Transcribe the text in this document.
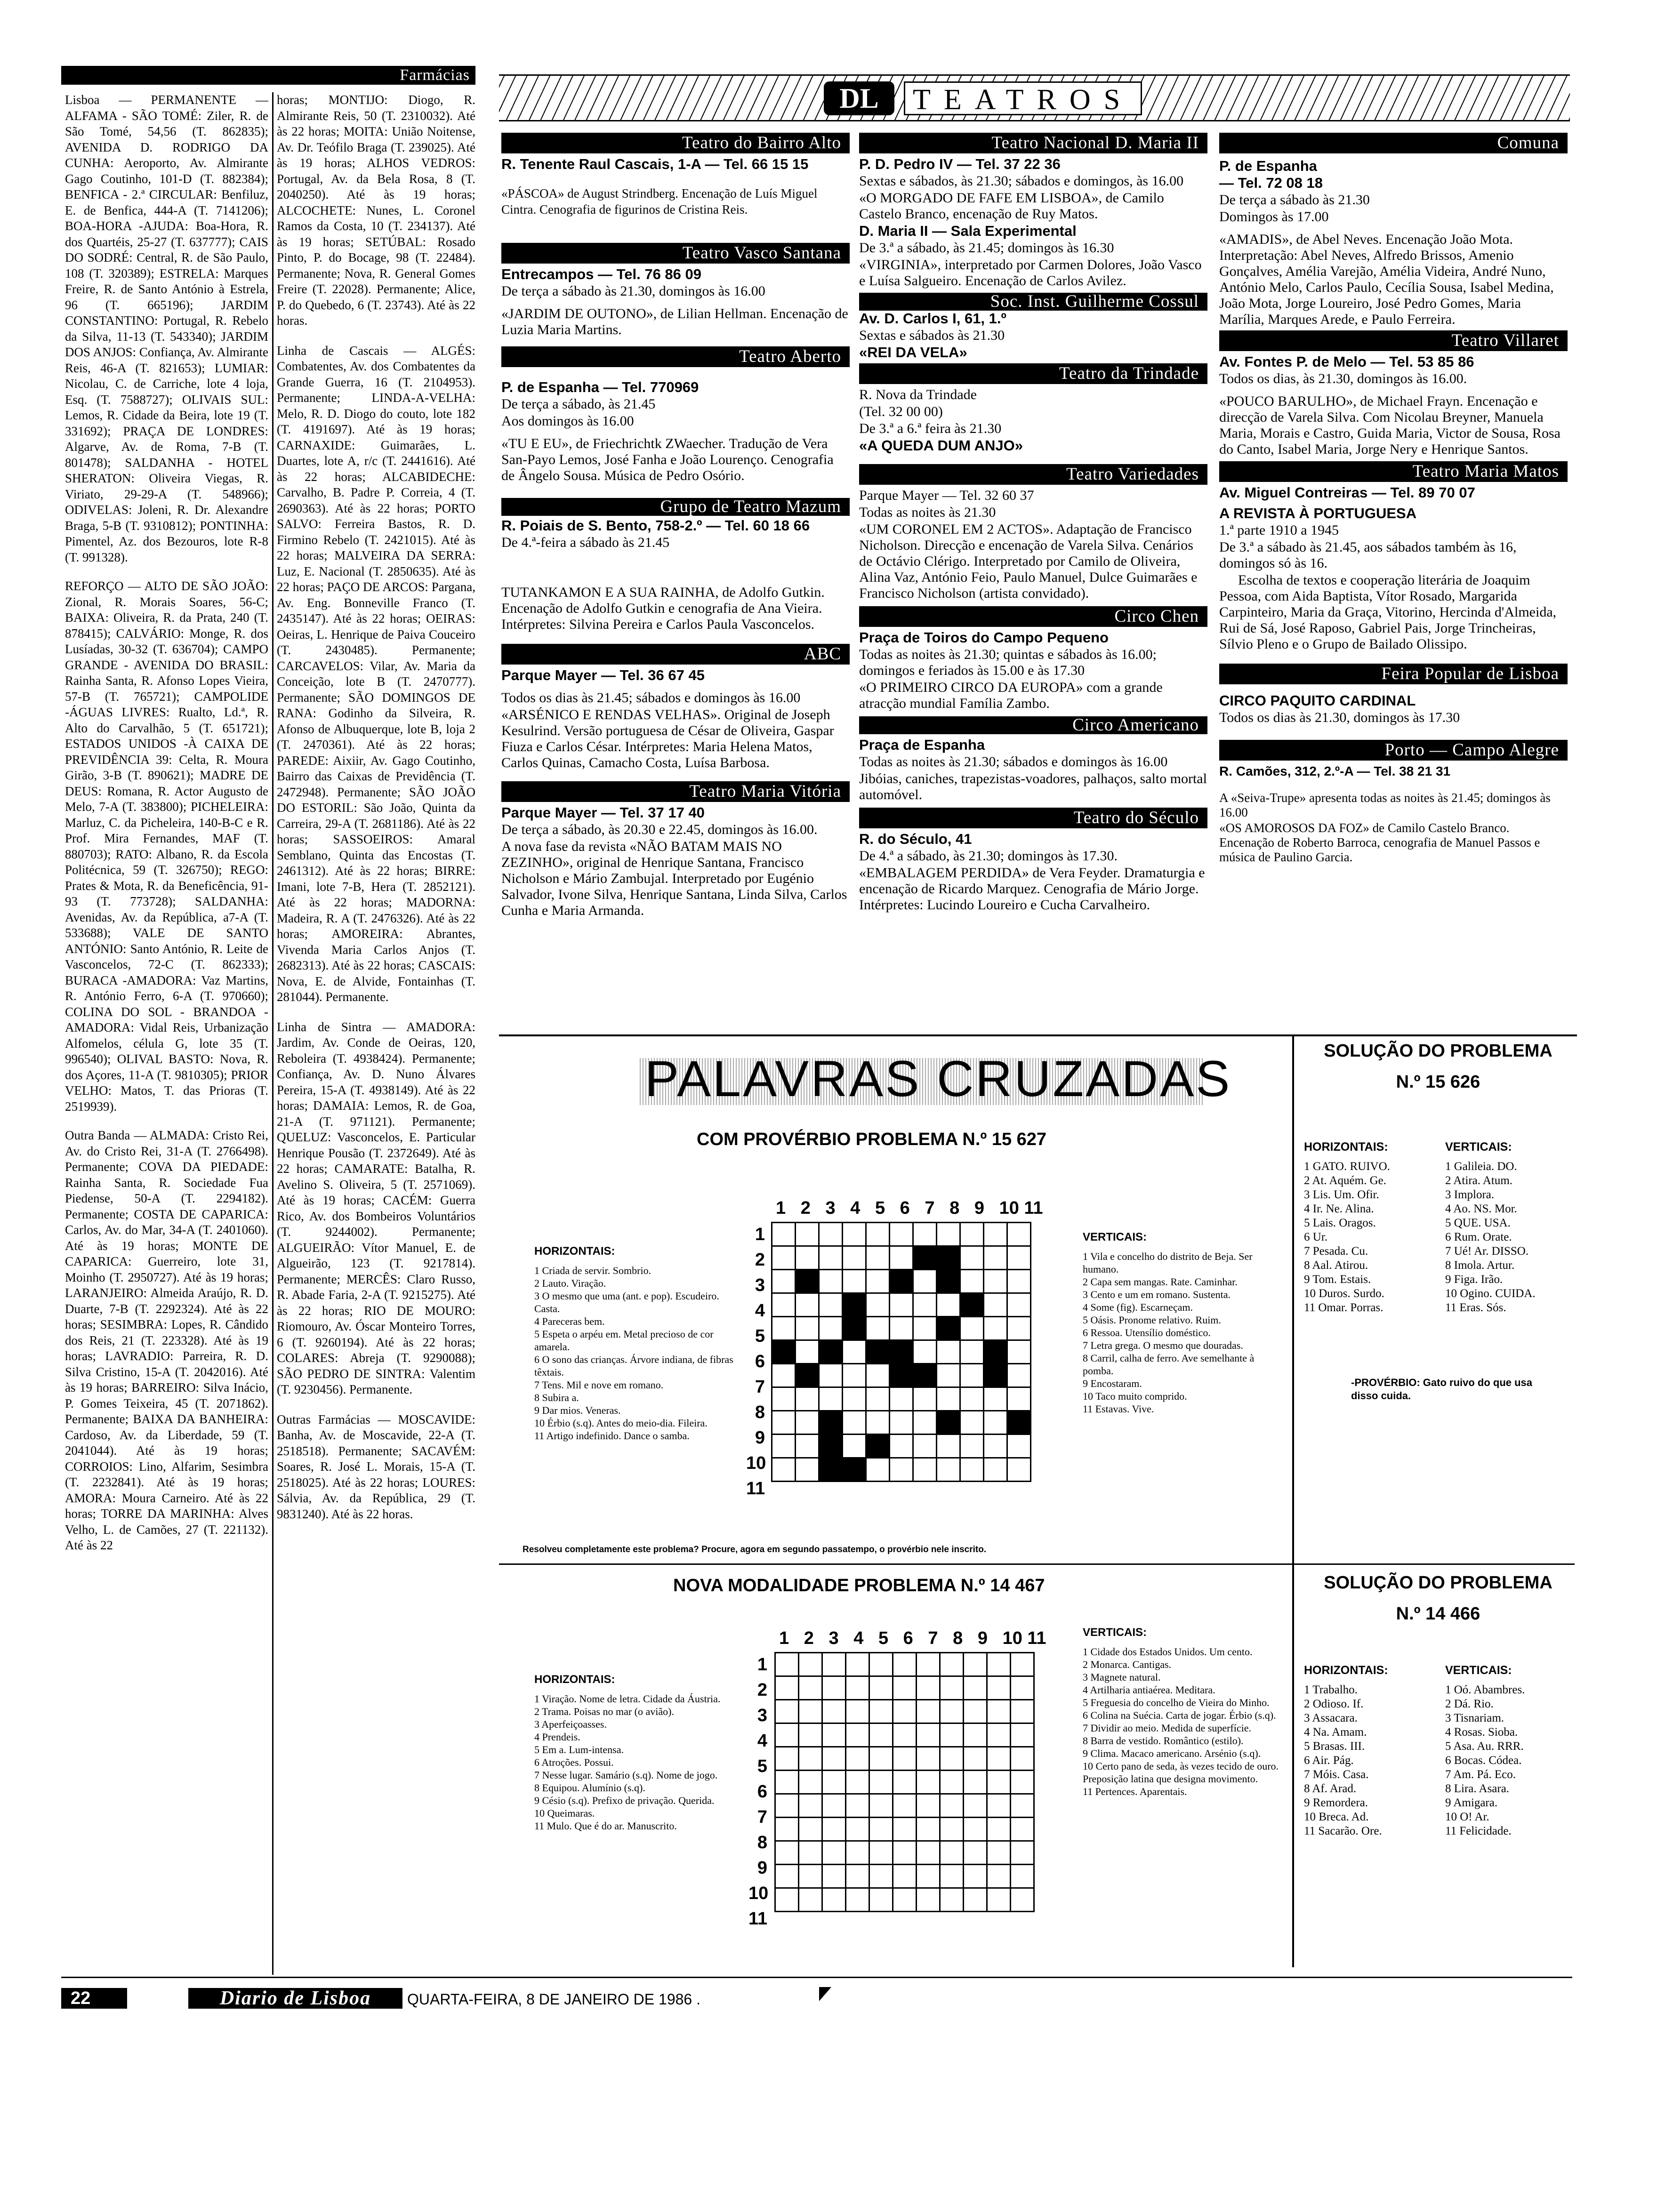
Farmácias

Lisboa — PERMANENTE — ALFAMA - SÃO TOMÉ: Ziler, R. de São Tomé, 54,56 (T. 862835); AVENIDA D. RODRIGO DA CUNHA: Aeroporto, Av. Almirante Gago Coutinho, 101-D (T. 882384); BENFICA - 2.ª CIRCULAR: Benfiluz, E. de Benfica, 444-A (T. 7141206); BOA-HORA -AJUDA: Boa-Hora, R. dos Quartéis, 25-27 (T. 637777); CAIS DO SODRÉ: Central, R. de São Paulo, 108 (T. 320389); ESTRELA: Marques Freire, R. de Santo António à Estrela, 96 (T. 665196); JARDIM CONSTANTINO: Portugal, R. Rebelo da Silva, 11-13 (T. 543340); JARDIM DOS ANJOS: Confiança, Av. Almirante Reis, 46-A (T. 821653); LUMIAR: Nicolau, C. de Carriche, lote 4 loja, Esq. (T. 7588727); OLIVAIS SUL: Lemos, R. Cidade da Beira, lote 19 (T. 331692); PRAÇA DE LONDRES: Algarve, Av. de Roma, 7-B (T. 801478); SALDANHA - HOTEL SHERATON: Oliveira Viegas, R. Viriato, 29-29-A (T. 548966); ODIVELAS: Joleni, R. Dr. Alexandre Braga, 5-B (T. 9310812); PONTINHA: Pimentel, Az. dos Bezouros, lote R-8 (T. 991328).

REFORÇO — ALTO DE SÃO JOÃO: Zional, R. Morais Soares, 56-C; BAIXA: Oliveira, R. da Prata, 240 (T. 878415); CALVÁRIO: Monge, R. dos Lusíadas, 30-32 (T. 636704); CAMPO GRANDE - AVENIDA DO BRASIL: Rainha Santa, R. Afonso Lopes Vieira, 57-B (T. 765721); CAMPOLIDE -ÁGUAS LIVRES: Rualto, Ld.ª, R. Alto do Carvalhão, 5 (T. 651721); ESTADOS UNIDOS -À CAIXA DE PREVIDÊNCIA 39: Celta, R. Moura Girão, 3-B (T. 890621); MADRE DE DEUS: Romana, R. Actor Augusto de Melo, 7-A (T. 383800); PICHELEIRA: Marluz, C. da Picheleira, 140-B-C e R. Prof. Mira Fernandes, MAF (T. 880703); RATO: Albano, R. da Escola Politécnica, 59 (T. 326750); REGO: Prates & Mota, R. da Beneficência, 91-93 (T. 773728); SALDANHA: Avenidas, Av. da República, a7-A (T. 533688); VALE DE SANTO ANTÓNIO: Santo António, R. Leite de Vasconcelos, 72-C (T. 862333); BURACA -AMADORA: Vaz Martins, R. António Ferro, 6-A (T. 970660); COLINA DO SOL - BRANDOA - AMADORA: Vidal Reis, Urbanização Alfomelos, célula G, lote 35 (T. 996540); OLIVAL BASTO: Nova, R. dos Açores, 11-A (T. 9810305); PRIOR VELHO: Matos, T. das Prioras (T. 2519939).

Outra Banda — ALMADA: Cristo Rei, Av. do Cristo Rei, 31-A (T. 2766498). Permanente; COVA DA PIEDADE: Rainha Santa, R. Sociedade Fua Piedense, 50-A (T. 2294182). Permanente; COSTA DE CAPARICA: Carlos, Av. do Mar, 34-A (T. 2401060). Até às 19 horas; MONTE DE CAPARICA: Guerreiro, lote 31, Moinho (T. 2950727). Até às 19 horas; LARANJEIRO: Almeida Araújo, R. D. Duarte, 7-B (T. 2292324). Até às 22 horas; SESIMBRA: Lopes, R. Cândido dos Reis, 21 (T. 223328). Até às 19 horas; LAVRADIO: Parreira, R. D. Silva Cristino, 15-A (T. 2042016). Até às 19 horas; BARREIRO: Silva Inácio, P. Gomes Teixeira, 45 (T. 2071862). Permanente; BAIXA DA BANHEIRA: Cardoso, Av. da Liberdade, 59 (T. 2041044). Até às 19 horas; CORROIOS: Lino, Alfarim, Sesimbra (T. 2232841). Até às 19 horas; AMORA: Moura Carneiro. Até às 22 horas; TORRE DA MARINHA: Alves Velho, L. de Camões, 27 (T. 221132). Até às 22

horas; MONTIJO: Diogo, R. Almirante Reis, 50 (T. 2310032). Até às 22 horas; MOITA: União Noitense, Av. Dr. Teófilo Braga (T. 239025). Até às 19 horas; ALHOS VEDROS: Portugal, Av. da Bela Rosa, 8 (T. 2040250). Até às 19 horas; ALCOCHETE: Nunes, L. Coronel Ramos da Costa, 10 (T. 234137). Até às 19 horas; SETÚBAL: Rosado Pinto, P. do Bocage, 98 (T. 22484). Permanente; Nova, R. General Gomes Freire (T. 22028). Permanente; Alice, P. do Quebedo, 6 (T. 23743). Até às 22 horas.

Linha de Cascais — ALGÉS: Combatentes, Av. dos Combatentes da Grande Guerra, 16 (T. 2104953). Permanente; LINDA-A-VELHA: Melo, R. D. Diogo do couto, lote 182 (T. 4191697). Até às 19 horas; CARNAXIDE: Guimarães, L. Duartes, lote A, r/c (T. 2441616). Até às 22 horas; ALCABIDECHE: Carvalho, B. Padre P. Correia, 4 (T. 2690363). Até às 22 horas; PORTO SALVO: Ferreira Bastos, R. D. Firmino Rebelo (T. 2421015). Até às 22 horas; MALVEIRA DA SERRA: Luz, E. Nacional (T. 2850635). Até às 22 horas; PAÇO DE ARCOS: Pargana, Av. Eng. Bonneville Franco (T. 2435147). Até às 22 horas; OEIRAS: Oeiras, L. Henrique de Paiva Couceiro (T. 2430485). Permanente; CARCAVELOS: Vilar, Av. Maria da Conceição, lote B (T. 2470777). Permanente; SÃO DOMINGOS DE RANA: Godinho da Silveira, R. Afonso de Albuquerque, lote B, loja 2 (T. 2470361). Até às 22 horas; PAREDE: Aixiir, Av. Gago Coutinho, Bairro das Caixas de Previdência (T. 2472948). Permanente; SÃO JOÃO DO ESTORIL: São João, Quinta da Carreira, 29-A (T. 2681186). Até às 22 horas; SASSOEIROS: Amaral Semblano, Quinta das Encostas (T. 2461312). Até às 22 horas; BIRRE: Imani, lote 7-B, Hera (T. 2852121). Até às 22 horas; MADORNA: Madeira, R. A (T. 2476326). Até às 22 horas; AMOREIRA: Abrantes, Vivenda Maria Carlos Anjos (T. 2682313). Até às 22 horas; CASCAIS: Nova, E. de Alvide, Fontainhas (T. 281044). Permanente.

Linha de Sintra — AMADORA: Jardim, Av. Conde de Oeiras, 120, Reboleira (T. 4938424). Permanente; Confiança, Av. D. Nuno Álvares Pereira, 15-A (T. 4938149). Até às 22 horas; DAMAIA: Lemos, R. de Goa, 21-A (T. 971121). Permanente; QUELUZ: Vasconcelos, E. Particular Henrique Pousão (T. 2372649). Até às 22 horas; CAMARATE: Batalha, R. Avelino S. Oliveira, 5 (T. 2571069). Até às 19 horas; CACÉM: Guerra Rico, Av. dos Bombeiros Voluntários (T. 9244002). Permanente; ALGUEIRÃO: Vítor Manuel, E. de Algueirão, 123 (T. 9217814). Permanente; MERCÊS: Claro Russo, R. Abade Faria, 2-A (T. 9215275). Até às 22 horas; RIO DE MOURO: Riomouro, Av. Óscar Monteiro Torres, 6 (T. 9260194). Até às 22 horas; COLARES: Abreja (T. 9290088); SÃO PEDRO DE SINTRA: Valentim (T. 9230456). Permanente.

Outras Farmácias — MOSCAVIDE: Banha, Av. de Moscavide, 22-A (T. 2518518). Permanente; SACAVÉM: Soares, R. José L. Morais, 15-A (T. 2518025). Até às 22 horas; LOURES: Sálvia, Av. da República, 29 (T. 9831240). Até às 22 horas.

DL	TEATROS
Teatro do Bairro Alto

R. Tenente Raul Cascais, 1-A — Tel. 66 15 15

«PÁSCOA» de August Strindberg. Encenação de Luís Miguel Cintra. Cenografia de figurinos de Cristina Reis.

Teatro Vasco Santana

Entrecampos — Tel. 76 86 09

De terça a sábado às 21.30, domingos às 16.00

«JARDIM DE OUTONO», de Lilian Hellman. Encenação de Luzia Maria Martins.

Teatro Aberto

P. de Espanha — Tel. 770969

De terça a sábado, às 21.45

Aos domingos às 16.00

«TU E EU», de Friechrichtk ZWaecher. Tradução de Vera San-Payo Lemos, José Fanha e João Lourenço. Cenografia de Ângelo Sousa. Música de Pedro Osório.

Grupo de Teatro Mazum

R. Poiais de S. Bento, 758-2.º — Tel. 60 18 66

De 4.ª-feira a sábado às 21.45

TUTANKAMON E A SUA RAINHA, de Adolfo Gutkin. Encenação de Adolfo Gutkin e cenografia de Ana Vieira. Intérpretes: Silvina Pereira e Carlos Paula Vasconcelos.

ABC

Parque Mayer — Tel. 36 67 45

Todos os dias às 21.45; sábados e domingos às 16.00

«ARSÉNICO E RENDAS VELHAS». Original de Joseph Kesulrind. Versão portuguesa de César de Oliveira, Gaspar Fiuza e Carlos César. Intérpretes: Maria Helena Matos, Carlos Quinas, Camacho Costa, Luísa Barbosa.

Teatro Maria Vitória

Parque Mayer — Tel. 37 17 40

De terça a sábado, às 20.30 e 22.45, domingos às 16.00.

A nova fase da revista «NÃO BATAM MAIS NO ZEZINHO», original de Henrique Santana, Francisco Nicholson e Mário Zambujal. Interpretado por Eugénio Salvador, Ivone Silva, Henrique Santana, Linda Silva, Carlos Cunha e Maria Armanda.

Teatro Nacional D. Maria II

P. D. Pedro IV — Tel. 37 22 36

Sextas e sábados, às 21.30; sábados e domingos, às 16.00

«O MORGADO DE FAFE EM LISBOA», de Camilo Castelo Branco, encenação de Ruy Matos.

D. Maria II — Sala Experimental

De 3.ª a sábado, às 21.45; domingos às 16.30

«VIRGINIA», interpretado por Carmen Dolores, João Vasco e Luísa Salgueiro. Encenação de Carlos Avilez.

Soc. Inst. Guilherme Cossul

Av. D. Carlos I, 61, 1.º

Sextas e sábados às 21.30

«REI DA VELA»

Teatro da Trindade

R. Nova da Trindade

(Tel. 32 00 00)

De 3.ª a 6.ª feira às 21.30

«A QUEDA DUM ANJO»

Teatro Variedades

Parque Mayer — Tel. 32 60 37

Todas as noites às 21.30

«UM CORONEL EM 2 ACTOS». Adaptação de Francisco Nicholson. Direcção e encenação de Varela Silva. Cenários de Octávio Clérigo. Interpretado por Camilo de Oliveira, Alina Vaz, António Feio, Paulo Manuel, Dulce Guimarães e Francisco Nicholson (artista convidado).

Circo Chen

Praça de Toiros do Campo Pequeno

Todas as noites às 21.30; quintas e sábados às 16.00; domingos e feriados às 15.00 e às 17.30

«O PRIMEIRO CIRCO DA EUROPA» com a grande atracção mundial Família Zambo.

Circo Americano

Praça de Espanha

Todas as noites às 21.30; sábados e domingos às 16.00

Jibóias, caniches, trapezistas-voadores, palhaços, salto mortal automóvel.

Teatro do Século

R. do Século, 41

De 4.ª a sábado, às 21.30; domingos às 17.30.

«EMBALAGEM PERDIDA» de Vera Feyder. Dramaturgia e encenação de Ricardo Marquez. Cenografia de Mário Jorge. Intérpretes: Lucindo Loureiro e Cucha Carvalheiro.

Comuna

P. de Espanha

— Tel. 72 08 18

De terça a sábado às 21.30

Domingos às 17.00

«AMADIS», de Abel Neves. Encenação João Mota. Interpretação: Abel Neves, Alfredo Brissos, Amenio Gonçalves, Amélia Varejão, Amélia Videira, André Nuno, António Melo, Carlos Paulo, Cecília Sousa, Isabel Medina, João Mota, Jorge Loureiro, José Pedro Gomes, Maria Marília, Marques Arede, e Paulo Ferreira.

Teatro Villaret

Av. Fontes P. de Melo — Tel. 53 85 86

Todos os dias, às 21.30, domingos às 16.00.

«POUCO BARULHO», de Michael Frayn. Encenação e direcção de Varela Silva. Com Nicolau Breyner, Manuela Maria, Morais e Castro, Guida Maria, Victor de Sousa, Rosa do Canto, Isabel Maria, Jorge Nery e Henrique Santos.

Teatro Maria Matos

Av. Miguel Contreiras — Tel. 89 70 07

A REVISTA À PORTUGUESA

1.ª parte 1910 a 1945

De 3.ª a sábado às 21.45, aos sábados também às 16, domingos só às 16.

Escolha de textos e cooperação literária de Joaquim Pessoa, com Aida Baptista, Vítor Rosado, Margarida Carpinteiro, Maria da Graça, Vitorino, Hercinda d'Almeida, Rui de Sá, José Raposo, Gabriel Pais, Jorge Trincheiras, Sílvio Pleno e o Grupo de Bailado Olissipo.

Feira Popular de Lisboa

CIRCO PAQUITO CARDINAL

Todos os dias às 21.30, domingos às 17.30

Porto — Campo Alegre

R. Camões, 312, 2.º-A — Tel. 38 21 31

A «Seiva-Trupe» apresenta todas as noites às 21.45; domingos às 16.00

«OS AMOROSOS DA FOZ» de Camilo Castelo Branco. Encenação de Roberto Barroca, cenografia de Manuel Passos e música de Paulino Garcia.

PALAVRAS CRUZADAS
COM PROVÉRBIO PROBLEMA N.º 15 627
1 2 3 4 5 6 7 8 9 10 11
1
2
3
4
5
6
7
8
9
10
11

HORIZONTAIS:
1 Criada de servir. Sombrio.
2 Lauto. Viração.
3 O mesmo que uma (ant. e pop). Escudeiro. Casta.
4 Pareceras bem.
5 Espeta o arpéu em. Metal precioso de cor amarela.
6 O sono das crianças. Árvore indiana, de fibras têxtais.
7 Tens. Mil e nove em romano.
8 Subira a.
9 Dar mios. Veneras.
10 Érbio (s.q). Antes do meio-dia. Fileira.
11 Artigo indefinido. Dance o samba.
VERTICAIS:
1 Vila e concelho do distrito de Beja. Ser humano.
2 Capa sem mangas. Rate. Caminhar.
3 Cento e um em romano. Sustenta.
4 Some (fig). Escarneçam.
5 Oásis. Pronome relativo. Ruim.
6 Ressoa. Utensílio doméstico.
7 Letra grega. O mesmo que douradas.
8 Carril, calha de ferro. Ave semelhante à pomba.
9 Encostaram.
10 Taco muito comprido.
11 Estavas. Vive.
Resolveu completamente este problema? Procure, agora em segundo passatempo, o provérbio nele inscrito.
NOVA MODALIDADE PROBLEMA N.º 14 467
1 2 3 4 5 6 7 8 9 10 11
1
2
3
4
5
6
7
8
9
10
11

HORIZONTAIS:
1 Viração. Nome de letra. Cidade da Áustria.
2 Trama. Poisas no mar (o avião).
3 Aperfeiçoasses.
4 Prendeis.
5 Em a. Lum-intensa.
6 Atroções. Possui.
7 Nesse lugar. Samário (s.q). Nome de jogo.
8 Equipou. Alumínio (s.q).
9 Césio (s.q). Prefixo de privação. Querida.
10 Queimaras.
11 Mulo. Que é do ar. Manuscrito.
VERTICAIS:
1 Cidade dos Estados Unidos. Um cento.
2 Monarca. Cantigas.
3 Magnete natural.
4 Artilharia antiaérea. Meditara.
5 Freguesia do concelho de Vieira do Minho.
6 Colina na Suécia. Carta de jogar. Érbio (s.q).
7 Dividir ao meio. Medida de superfície.
8 Barra de vestido. Romântico (estilo).
9 Clima. Macaco americano. Arsénio (s.q).
10 Certo pano de seda, às vezes tecido de ouro. Preposição latina que designa movimento.
11 Pertences. Aparentais.
SOLUÇÃO DO PROBLEMA
N.º 15 626
HORIZONTAIS:
1 GATO. RUIVO.
2 At. Aquém. Ge.
3 Lis. Um. Ofir.
4 Ir. Ne. Alina.
5 Lais. Oragos.
6 Ur.
7 Pesada. Cu.
8 Aal. Atirou.
9 Tom. Estais.
10 Duros. Surdo.
11 Omar. Porras.
VERTICAIS:
1 Galileia. DO.
2 Atira. Atum.
3 Implora.
4 Ao. NS. Mor.
5 QUE. USA.
6 Rum. Orate.
7 Ué! Ar. DISSO.
8 Imola. Artur.
9 Figa. Irão.
10 Ogino. CUIDA.
11 Eras. Sós.
-PROVÉRBIO: Gato ruivo do que usa disso cuida.
SOLUÇÃO DO PROBLEMA
N.º 14 466
HORIZONTAIS:
1 Trabalho.
2 Odioso. If.
3 Assacara.
4 Na. Amam.
5 Brasas. III.
6 Air. Pág.
7 Móis. Casa.
8 Af. Arad.
9 Remordera.
10 Breca. Ad.
11 Sacarão. Ore.
VERTICAIS:
1 Oó. Abambres.
2 Dá. Rio.
3 Tisnariam.
4 Rosas. Sioba.
5 Asa. Au. RRR.
6 Bocas. Códea.
7 Am. Pá. Eco.
8 Lira. Asara.
9 Amigara.
10 O! Ar.
11 Felicidade.
22	Diario de Lisboa	QUARTA-FEIRA, 8 DE JANEIRO DE 1986 .
